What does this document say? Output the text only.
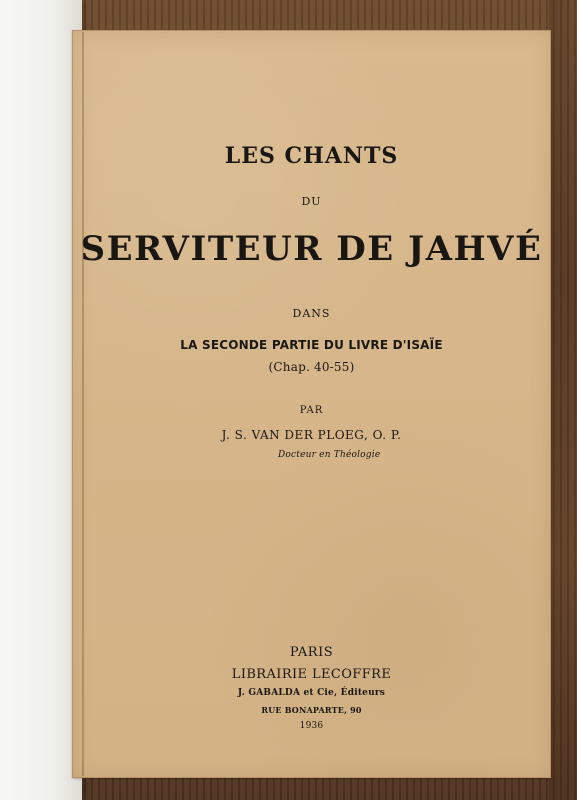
LES CHANTS
DU
SERVITEUR DE JAHVÉ
DANS
LA SECONDE PARTIE DU LIVRE D'ISAÏE
(Chap. 40-55)
PAR
J. S. VAN DER PLOEG, O. P.
Docteur en Théologie
PARIS
LIBRAIRIE LECOFFRE
J. GABALDA et Cie, Éditeurs
RUE BONAPARTE, 90
1936
